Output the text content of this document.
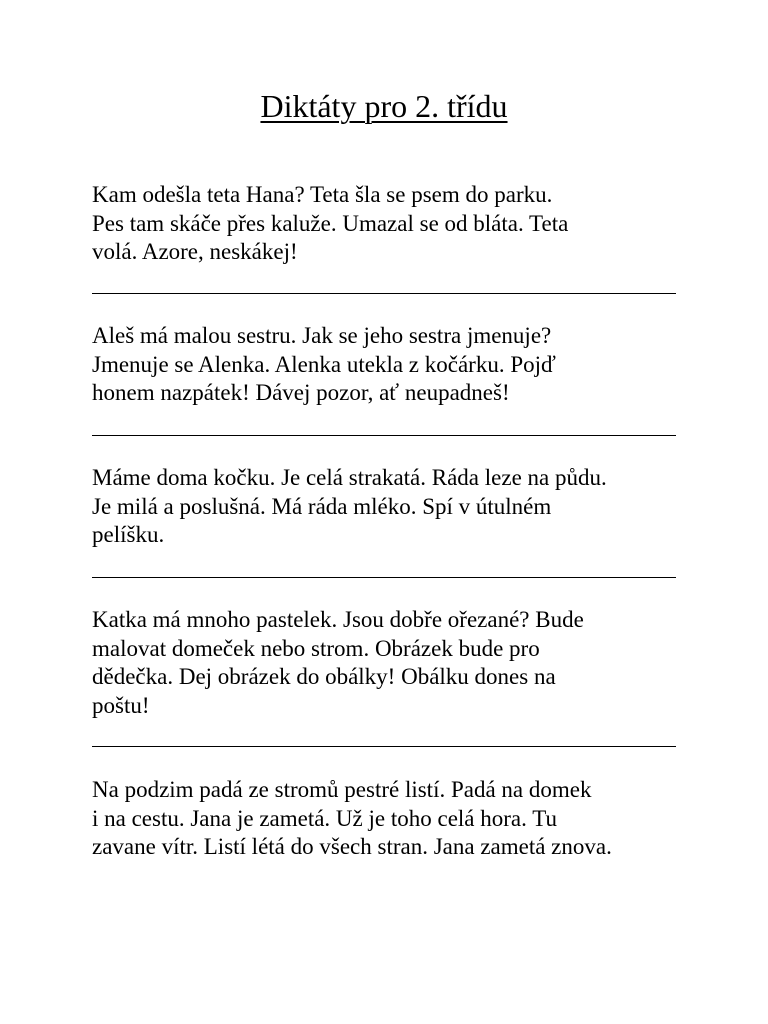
Diktáty pro 2. třídu

Kam odešla teta Hana? Teta šla se psem do parku.
Pes tam skáče přes kaluže. Umazal se od bláta. Teta
volá. Azore, neskákej!

Aleš má malou sestru. Jak se jeho sestra jmenuje?
Jmenuje se Alenka. Alenka utekla z kočárku. Pojď
honem nazpátek! Dávej pozor, ať neupadneš!

Máme doma kočku. Je celá strakatá. Ráda leze na půdu.
Je milá a poslušná. Má ráda mléko. Spí v útulném
pelíšku.

Katka má mnoho pastelek. Jsou dobře ořezané? Bude
malovat domeček nebo strom. Obrázek bude pro
dědečka. Dej obrázek do obálky! Obálku dones na
poštu!

Na podzim padá ze stromů pestré listí. Padá na domek
i na cestu. Jana je zametá. Už je toho celá hora. Tu
zavane vítr. Listí létá do všech stran. Jana zametá znova.
